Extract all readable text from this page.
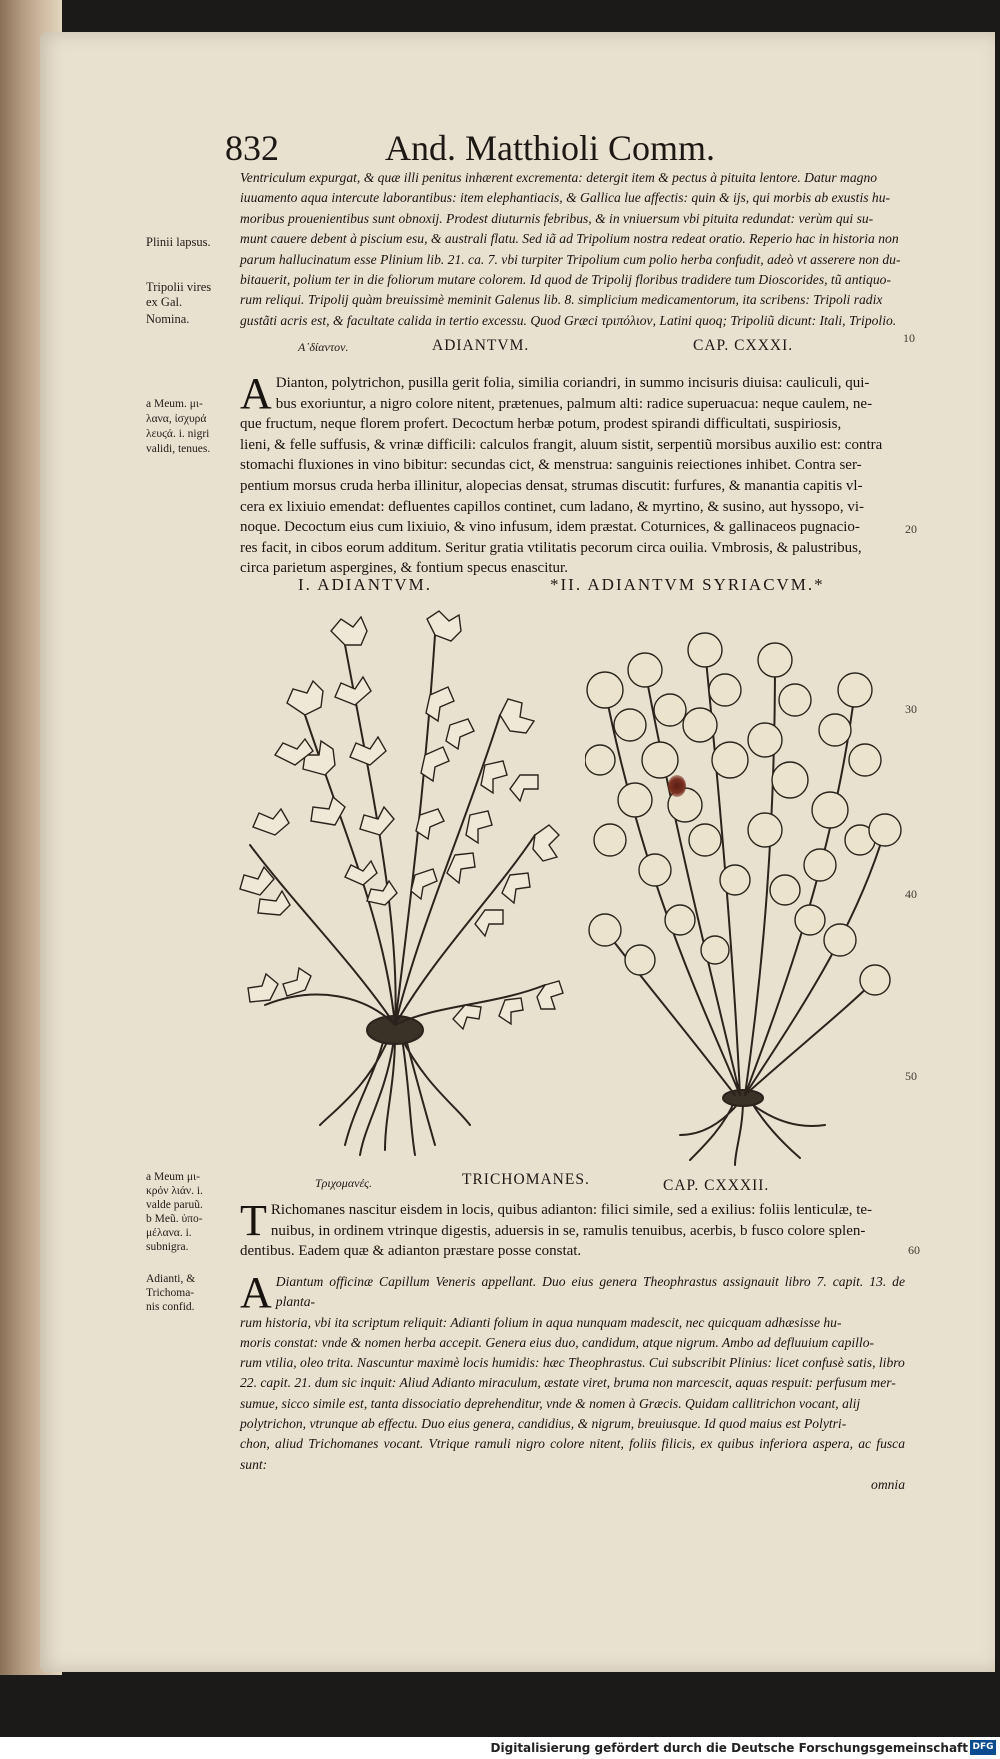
832	And. Matthioli Comm.
Ventriculum expurgat, & quæ illi penitus inhærent excrementa: detergit item & pectus à pituita lentore. Datur magno
iuuamento aqua intercute laborantibus: item elephantiacis, & Gallica lue affectis: quin & ijs, qui morbis ab exustis hu-
moribus prouenientibus sunt obnoxij. Prodest diuturnis febribus, & in vniuersum vbi pituita redundat: verùm qui su-
munt cauere debent à piscium esu, & australi flatu. Sed iã ad Tripolium nostra redeat oratio. Reperio hac in historia non
parum hallucinatum esse Plinium lib. 21. ca. 7. vbi turpiter Tripolium cum polio herba confudit, adeò vt asserere non du-
bitauerit, polium ter in die foliorum mutare colorem. Id quod de Tripolij floribus tradidere tum Dioscorides, tũ antiquo-
rum reliqui. Tripolij quàm breuissimè meminit Galenus lib. 8. simplicium medicamentorum, ita scribens: Tripoli radix
gustãti acris est, & facultate calida in tertio excessu. Quod Græci τριπόλιον, Latini quoq; Tripoliũ dicunt: Itali, Tripolio.
Plinii lapsus.
Tripolii vires ex Gal.
Nomina.
Α᾽δίαντον.	ADIANTVM.	CAP. CXXXI.	10
A Dianton, polytrichon, pusilla gerit folia, similia coriandri, in summo incisuris diuisa: cauliculi, qui-
bus exoriuntur, a nigro colore nitent, prætenues, palmum alti: radice superuacua: neque caulem, ne-
que fructum, neque florem profert. Decoctum herbæ potum, prodest spirandi difficultati, suspiriosis,
lieni, & felle suffusis, & vrinæ difficili: calculos frangit, aluum sistit, serpentiũ morsibus auxilio est: contra
stomachi fluxiones in vino bibitur: secundas cict, & menstrua: sanguinis reiectiones inhibet. Contra ser-
pentium morsus cruda herba illinitur, alopecias densat, strumas discutit: furfures, & manantia capitis vl-
cera ex lixiuio emendat: defluentes capillos continet, cum ladano, & myrtino, & susino, aut hyssopo, vi-
noque. Decoctum eius cum lixiuio, & vino infusum, idem præstat. Coturnices, & gallinaceos pugnacio-
res facit, in cibos eorum additum. Seritur gratia vtilitatis pecorum circa ouilia. Vmbrosis, & palustribus,
circa parietum aspergines, & fontium specus enascitur.
a Meum. μι-
λανα, ἰσχυρά
λευϛά. i. nigri
validi, tenues.
20
I. ADIANTVM.	*II. ADIANTVM SYRIACVM.*
30
40
50
Τριχομανές.	TRICHOMANES.	CAP. CXXXII.
a Meum μι-
κρόν λιάν. i.
valde paruũ.
b Meũ. ὑπο-
μέλανα. i.
subnigra.
Adianti, &
Trichoma-
nis confid.
T Richomanes nascitur eisdem in locis, quibus adianton: filici simile, sed a exilius: foliis lenticulæ, te-
nuibus, in ordinem vtrinque digestis, aduersis in se, ramulis tenuibus, acerbis, b fusco colore splen-
dentibus. Eadem quæ & adianton præstare posse constat.	60
A Diantum officinæ Capillum Veneris appellant. Duo eius genera Theophrastus assignauit libro 7. capit. 13. de planta-
rum historia, vbi ita scriptum reliquit: Adianti folium in aqua nunquam madescit, nec quicquam adhæsisse hu-
moris constat: vnde & nomen herba accepit. Genera eius duo, candidum, atque nigrum. Ambo ad defluuium capillo-
rum vtilia, oleo trita. Nascuntur maximè locis humidis: hæc Theophrastus. Cui subscribit Plinius: licet confusè satis, libro
22. capit. 21. dum sic inquit: Aliud Adianto miraculum, æstate viret, bruma non marcescit, aquas respuit: perfusum mer-
sumue, sicco simile est, tanta dissociatio deprehenditur, vnde & nomen à Græcis. Quidam callitrichon vocant, alij
polytrichon, vtrunque ab effectu. Duo eius genera, candidius, & nigrum, breuiusque. Id quod maius est Polytri-
chon, aliud Trichomanes vocant. Vtrique ramuli nigro colore nitent, foliis filicis, ex quibus inferiora aspera, ac fusca sunt:
omnia
Digitalisierung gefördert durch die Deutsche Forschungsgemeinschaft DFG
